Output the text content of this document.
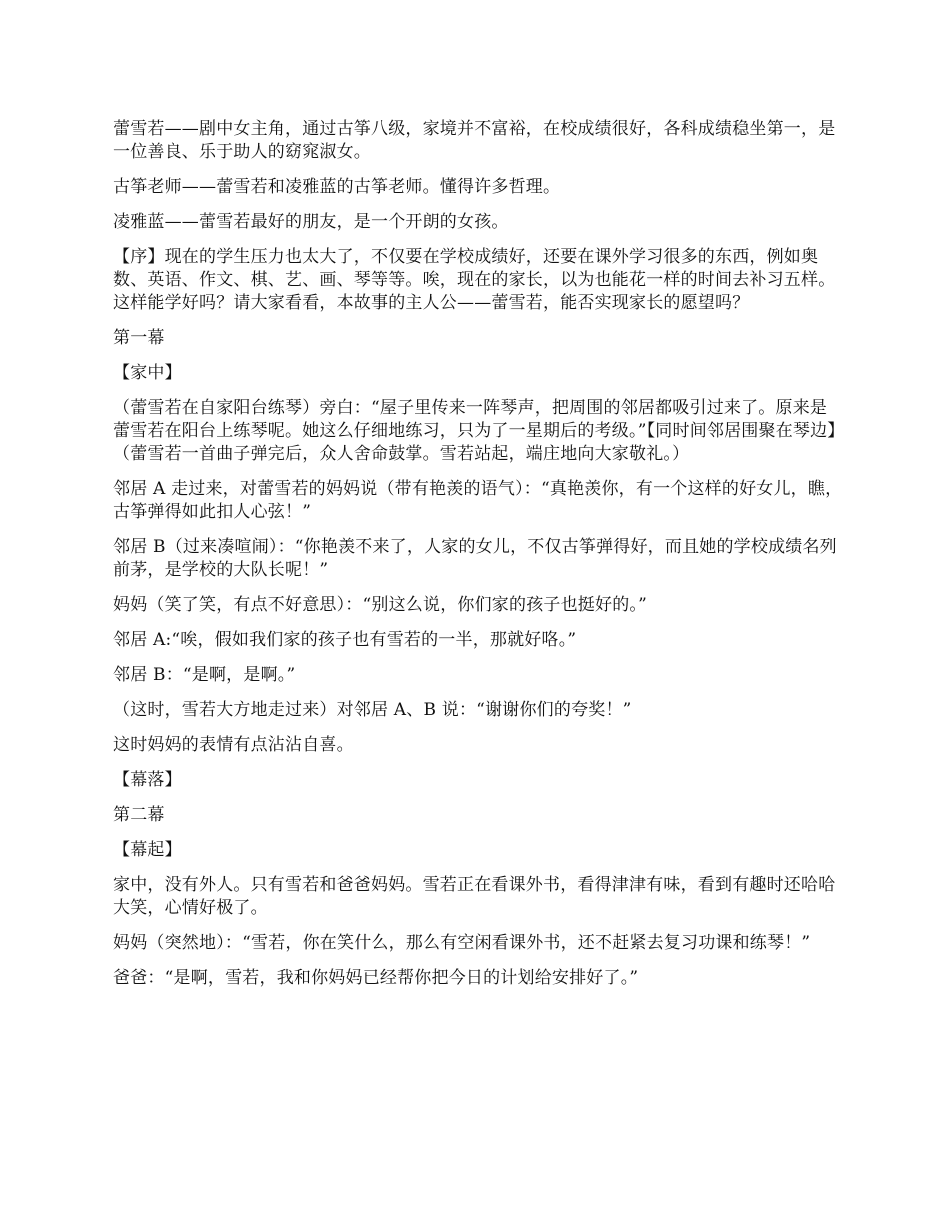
蕾雪若——剧中女主角，通过古筝八级，家境并不富裕，在校成绩很好，各科成绩稳坐第一，是一位善良、乐于助人的窈窕淑女。

古筝老师——蕾雪若和凌雅蓝的古筝老师。懂得许多哲理。

凌雅蓝——蕾雪若最好的朋友，是一个开朗的女孩。

【序】现在的学生压力也太大了，不仅要在学校成绩好，还要在课外学习很多的东西，例如奥数、英语、作文、棋、艺、画、琴等等。唉，现在的家长，以为也能花一样的时间去补习五样。这样能学好吗？请大家看看，本故事的主人公——蕾雪若，能否实现家长的愿望吗？

第一幕

【家中】

（蕾雪若在自家阳台练琴）旁白：“屋子里传来一阵琴声，把周围的邻居都吸引过来了。原来是蕾雪若在阳台上练琴呢。她这么仔细地练习，只为了一星期后的考级。”【同时间邻居围聚在琴边】（蕾雪若一首曲子弹完后，众人舍命鼓掌。雪若站起，端庄地向大家敬礼。）

邻居 A 走过来，对蕾雪若的妈妈说（带有艳羡的语气）：“真艳羡你，有一个这样的好女儿，瞧，古筝弹得如此扣人心弦！”

邻居 B（过来凑喧闹）：“你艳羡不来了，人家的女儿，不仅古筝弹得好，而且她的学校成绩名列前茅，是学校的大队长呢！”

妈妈（笑了笑，有点不好意思）：“别这么说，你们家的孩子也挺好的。”

邻居 A:“唉，假如我们家的孩子也有雪若的一半，那就好咯。”

邻居 B：“是啊，是啊。”

（这时，雪若大方地走过来）对邻居 A、B 说：“谢谢你们的夸奖！”

这时妈妈的表情有点沾沾自喜。

【幕落】

第二幕

【幕起】

家中，没有外人。只有雪若和爸爸妈妈。雪若正在看课外书，看得津津有味，看到有趣时还哈哈大笑，心情好极了。

妈妈（突然地）：“雪若，你在笑什么，那么有空闲看课外书，还不赶紧去复习功课和练琴！”

爸爸：“是啊，雪若，我和你妈妈已经帮你把今日的计划给安排好了。”
